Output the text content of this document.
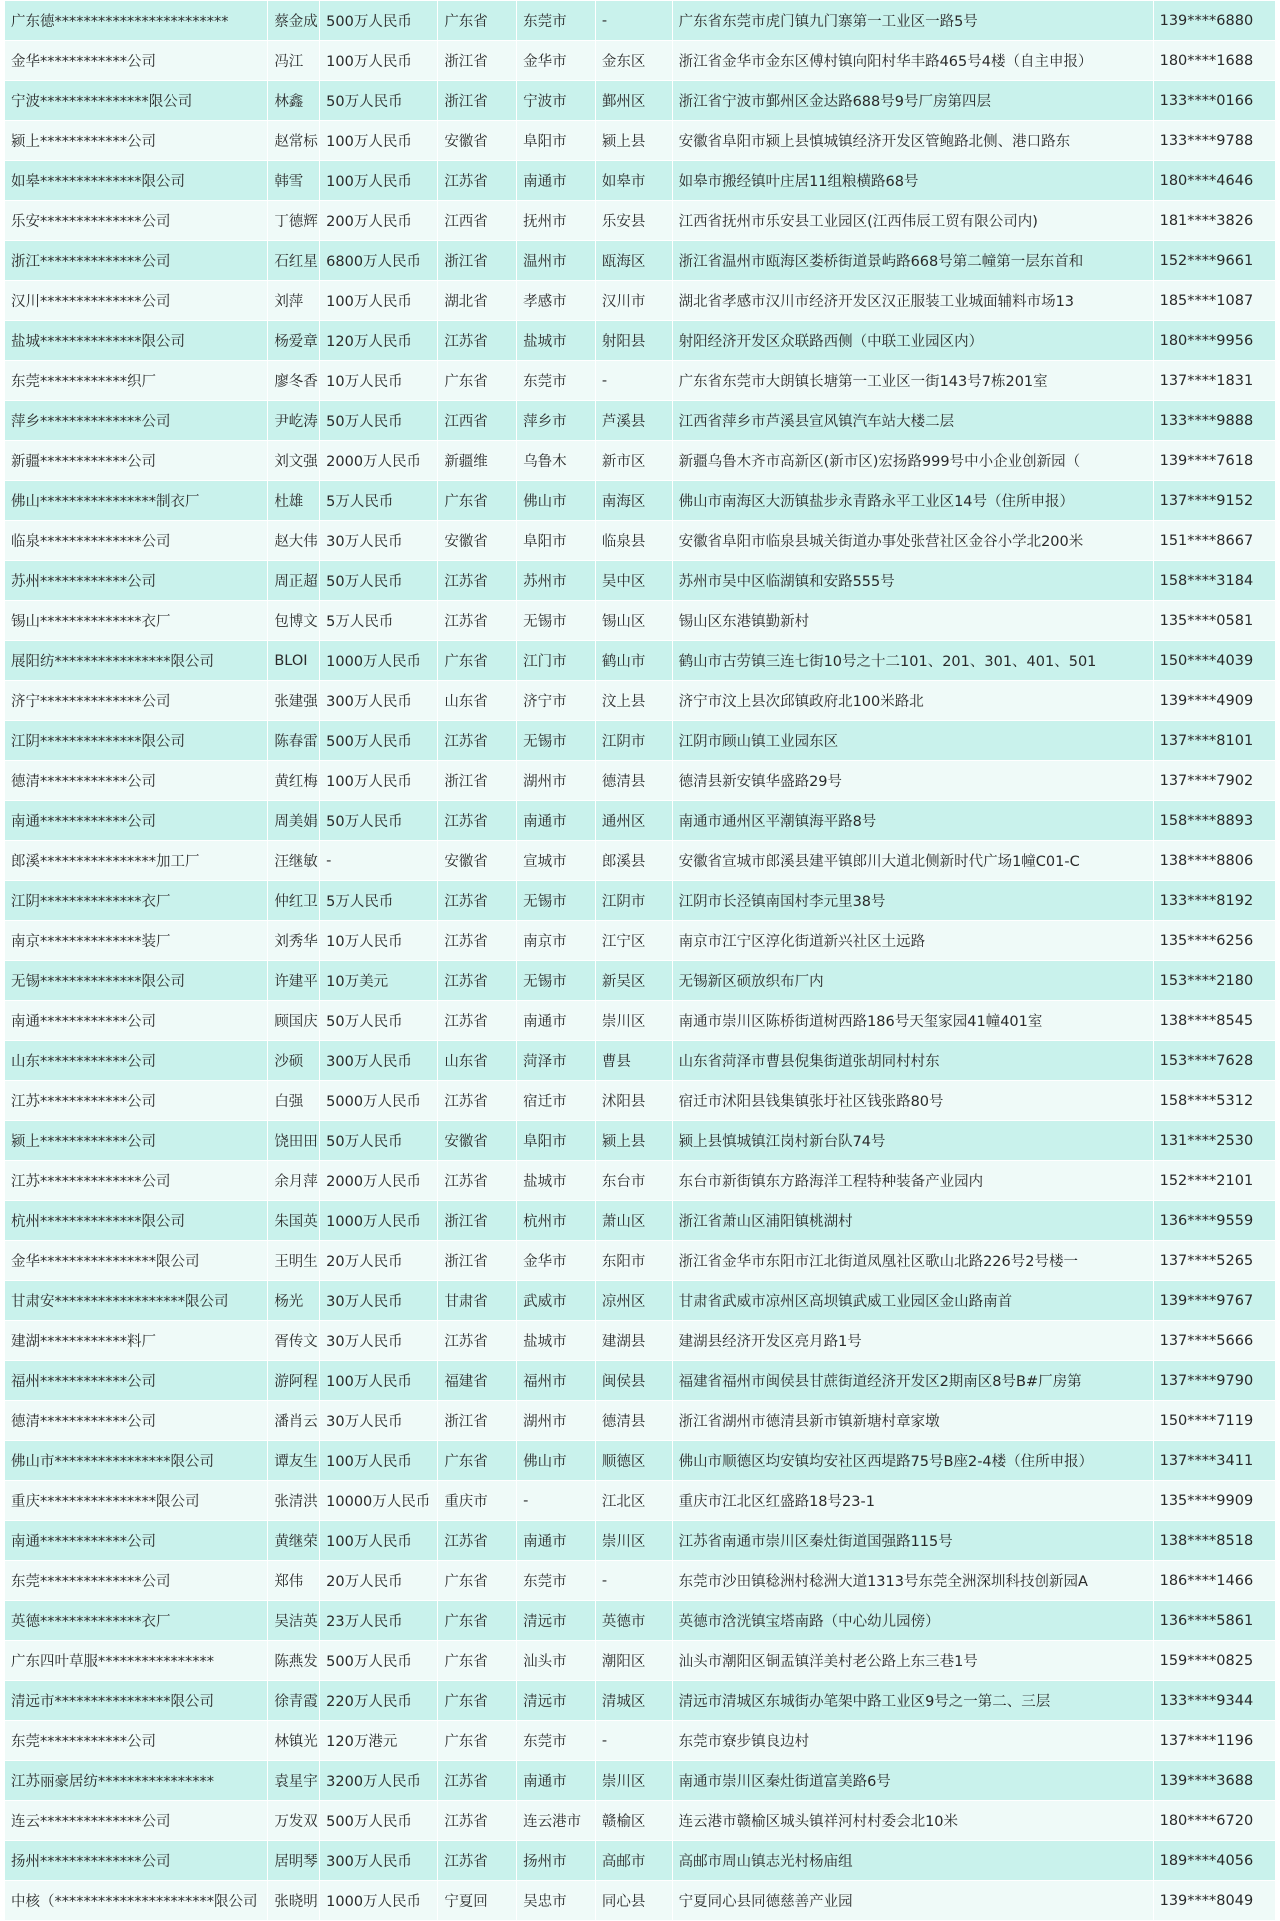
广东德************************	蔡金成	500万人民币	广东省	东莞市	-	广东省东莞市虎门镇九门寨第一工业区一路5号	139****6880
金华************公司	冯江	100万人民币	浙江省	金华市	金东区	浙江省金华市金东区傅村镇向阳村华丰路465号4楼（自主申报）	180****1688
宁波***************限公司	林鑫	50万人民币	浙江省	宁波市	鄞州区	浙江省宁波市鄞州区金达路688号9号厂房第四层	133****0166
颍上************公司	赵常标	100万人民币	安徽省	阜阳市	颍上县	安徽省阜阳市颍上县慎城镇经济开发区管鲍路北侧、港口路东	133****9788
如皋**************限公司	韩雪	100万人民币	江苏省	南通市	如皋市	如皋市搬经镇叶庄居11组粮横路68号	180****4646
乐安**************公司	丁德辉	200万人民币	江西省	抚州市	乐安县	江西省抚州市乐安县工业园区(江西伟辰工贸有限公司内)	181****3826
浙江**************公司	石红星	6800万人民币	浙江省	温州市	瓯海区	浙江省温州市瓯海区娄桥街道景屿路668号第二幢第一层东首和	152****9661
汉川**************公司	刘萍	100万人民币	湖北省	孝感市	汉川市	湖北省孝感市汉川市经济开发区汉正服装工业城面辅料市场13	185****1087
盐城**************限公司	杨爱章	120万人民币	江苏省	盐城市	射阳县	射阳经济开发区众联路西侧（中联工业园区内）	180****9956
东莞************织厂	廖冬香	10万人民币	广东省	东莞市	-	广东省东莞市大朗镇长塘第一工业区一街143号7栋201室	137****1831
萍乡**************公司	尹屹涛	50万人民币	江西省	萍乡市	芦溪县	江西省萍乡市芦溪县宣风镇汽车站大楼二层	133****9888
新疆************公司	刘文强	2000万人民币	新疆维	乌鲁木	新市区	新疆乌鲁木齐市高新区(新市区)宏扬路999号中小企业创新园（	139****7618
佛山****************制衣厂	杜雄	5万人民币	广东省	佛山市	南海区	佛山市南海区大沥镇盐步永青路永平工业区14号（住所申报）	137****9152
临泉**************公司	赵大伟	30万人民币	安徽省	阜阳市	临泉县	安徽省阜阳市临泉县城关街道办事处张营社区金谷小学北200米	151****8667
苏州************公司	周正超	50万人民币	江苏省	苏州市	吴中区	苏州市吴中区临湖镇和安路555号	158****3184
锡山**************衣厂	包博文	5万人民币	江苏省	无锡市	锡山区	锡山区东港镇勤新村	135****0581
展阳纺****************限公司	BLOI	1000万人民币	广东省	江门市	鹤山市	鹤山市古劳镇三连七街10号之十二101、201、301、401、501	150****4039
济宁**************公司	张建强	300万人民币	山东省	济宁市	汶上县	济宁市汶上县次邱镇政府北100米路北	139****4909
江阴**************限公司	陈春雷	500万人民币	江苏省	无锡市	江阴市	江阴市顾山镇工业园东区	137****8101
德清************公司	黄红梅	100万人民币	浙江省	湖州市	德清县	德清县新安镇华盛路29号	137****7902
南通************公司	周美娟	50万人民币	江苏省	南通市	通州区	南通市通州区平潮镇海平路8号	158****8893
郎溪****************加工厂	汪继敏	-	安徽省	宣城市	郎溪县	安徽省宣城市郎溪县建平镇郎川大道北侧新时代广场1幢C01-C	138****8806
江阴**************衣厂	仲红卫	5万人民币	江苏省	无锡市	江阴市	江阴市长泾镇南国村李元里38号	133****8192
南京**************装厂	刘秀华	10万人民币	江苏省	南京市	江宁区	南京市江宁区淳化街道新兴社区土远路	135****6256
无锡**************限公司	许建平	10万美元	江苏省	无锡市	新吴区	无锡新区硕放织布厂内	153****2180
南通************公司	顾国庆	50万人民币	江苏省	南通市	崇川区	南通市崇川区陈桥街道树西路186号天玺家园41幢401室	138****8545
山东************公司	沙硕	300万人民币	山东省	菏泽市	曹县	山东省菏泽市曹县倪集街道张胡同村村东	153****7628
江苏************公司	白强	5000万人民币	江苏省	宿迁市	沭阳县	宿迁市沭阳县钱集镇张圩社区钱张路80号	158****5312
颍上************公司	饶田田	50万人民币	安徽省	阜阳市	颍上县	颍上县慎城镇江岗村新台队74号	131****2530
江苏**************公司	余月萍	2000万人民币	江苏省	盐城市	东台市	东台市新街镇东方路海洋工程特种装备产业园内	152****2101
杭州**************限公司	朱国英	1000万人民币	浙江省	杭州市	萧山区	浙江省萧山区浦阳镇桃湖村	136****9559
金华****************限公司	王明生	20万人民币	浙江省	金华市	东阳市	浙江省金华市东阳市江北街道凤凰社区歌山北路226号2号楼一	137****5265
甘肃安******************限公司	杨光	30万人民币	甘肃省	武威市	凉州区	甘肃省武威市凉州区高坝镇武威工业园区金山路南首	139****9767
建湖************料厂	胥传文	30万人民币	江苏省	盐城市	建湖县	建湖县经济开发区亮月路1号	137****5666
福州************公司	游阿程	100万人民币	福建省	福州市	闽侯县	福建省福州市闽侯县甘蔗街道经济开发区2期南区8号B#厂房第	137****9790
德清************公司	潘肖云	30万人民币	浙江省	湖州市	德清县	浙江省湖州市德清县新市镇新塘村章家墩	150****7119
佛山市****************限公司	谭友生	100万人民币	广东省	佛山市	顺德区	佛山市顺德区均安镇均安社区西堤路75号B座2-4楼（住所申报）	137****3411
重庆****************限公司	张清洪	10000万人民币	重庆市	-	江北区	重庆市江北区红盛路18号23-1	135****9909
南通************公司	黄继荣	100万人民币	江苏省	南通市	崇川区	江苏省南通市崇川区秦灶街道国强路115号	138****8518
东莞**************公司	郑伟	20万人民币	广东省	东莞市	-	东莞市沙田镇稔洲村稔洲大道1313号东莞全洲深圳科技创新园A	186****1466
英德**************衣厂	吴洁英	23万人民币	广东省	清远市	英德市	英德市浛洸镇宝塔南路（中心幼儿园傍）	136****5861
广东四叶草服****************	陈燕发	500万人民币	广东省	汕头市	潮阳区	汕头市潮阳区铜盂镇洋美村老公路上东三巷1号	159****0825
清远市****************限公司	徐青霞	220万人民币	广东省	清远市	清城区	清远市清城区东城街办笔架中路工业区9号之一第二、三层	133****9344
东莞************公司	林镇光	120万港元	广东省	东莞市	-	东莞市寮步镇良边村	137****1196
江苏丽豪居纺****************	袁星宇	3200万人民币	江苏省	南通市	崇川区	南通市崇川区秦灶街道富美路6号	139****3688
连云**************公司	万发双	500万人民币	江苏省	连云港市	赣榆区	连云港市赣榆区城头镇祥河村村委会北10米	180****6720
扬州**************公司	居明琴	300万人民币	江苏省	扬州市	高邮市	高邮市周山镇志光村杨庙组	189****4056
中核（**********************限公司	张晓明	1000万人民币	宁夏回	吴忠市	同心县	宁夏同心县同德慈善产业园	139****8049
